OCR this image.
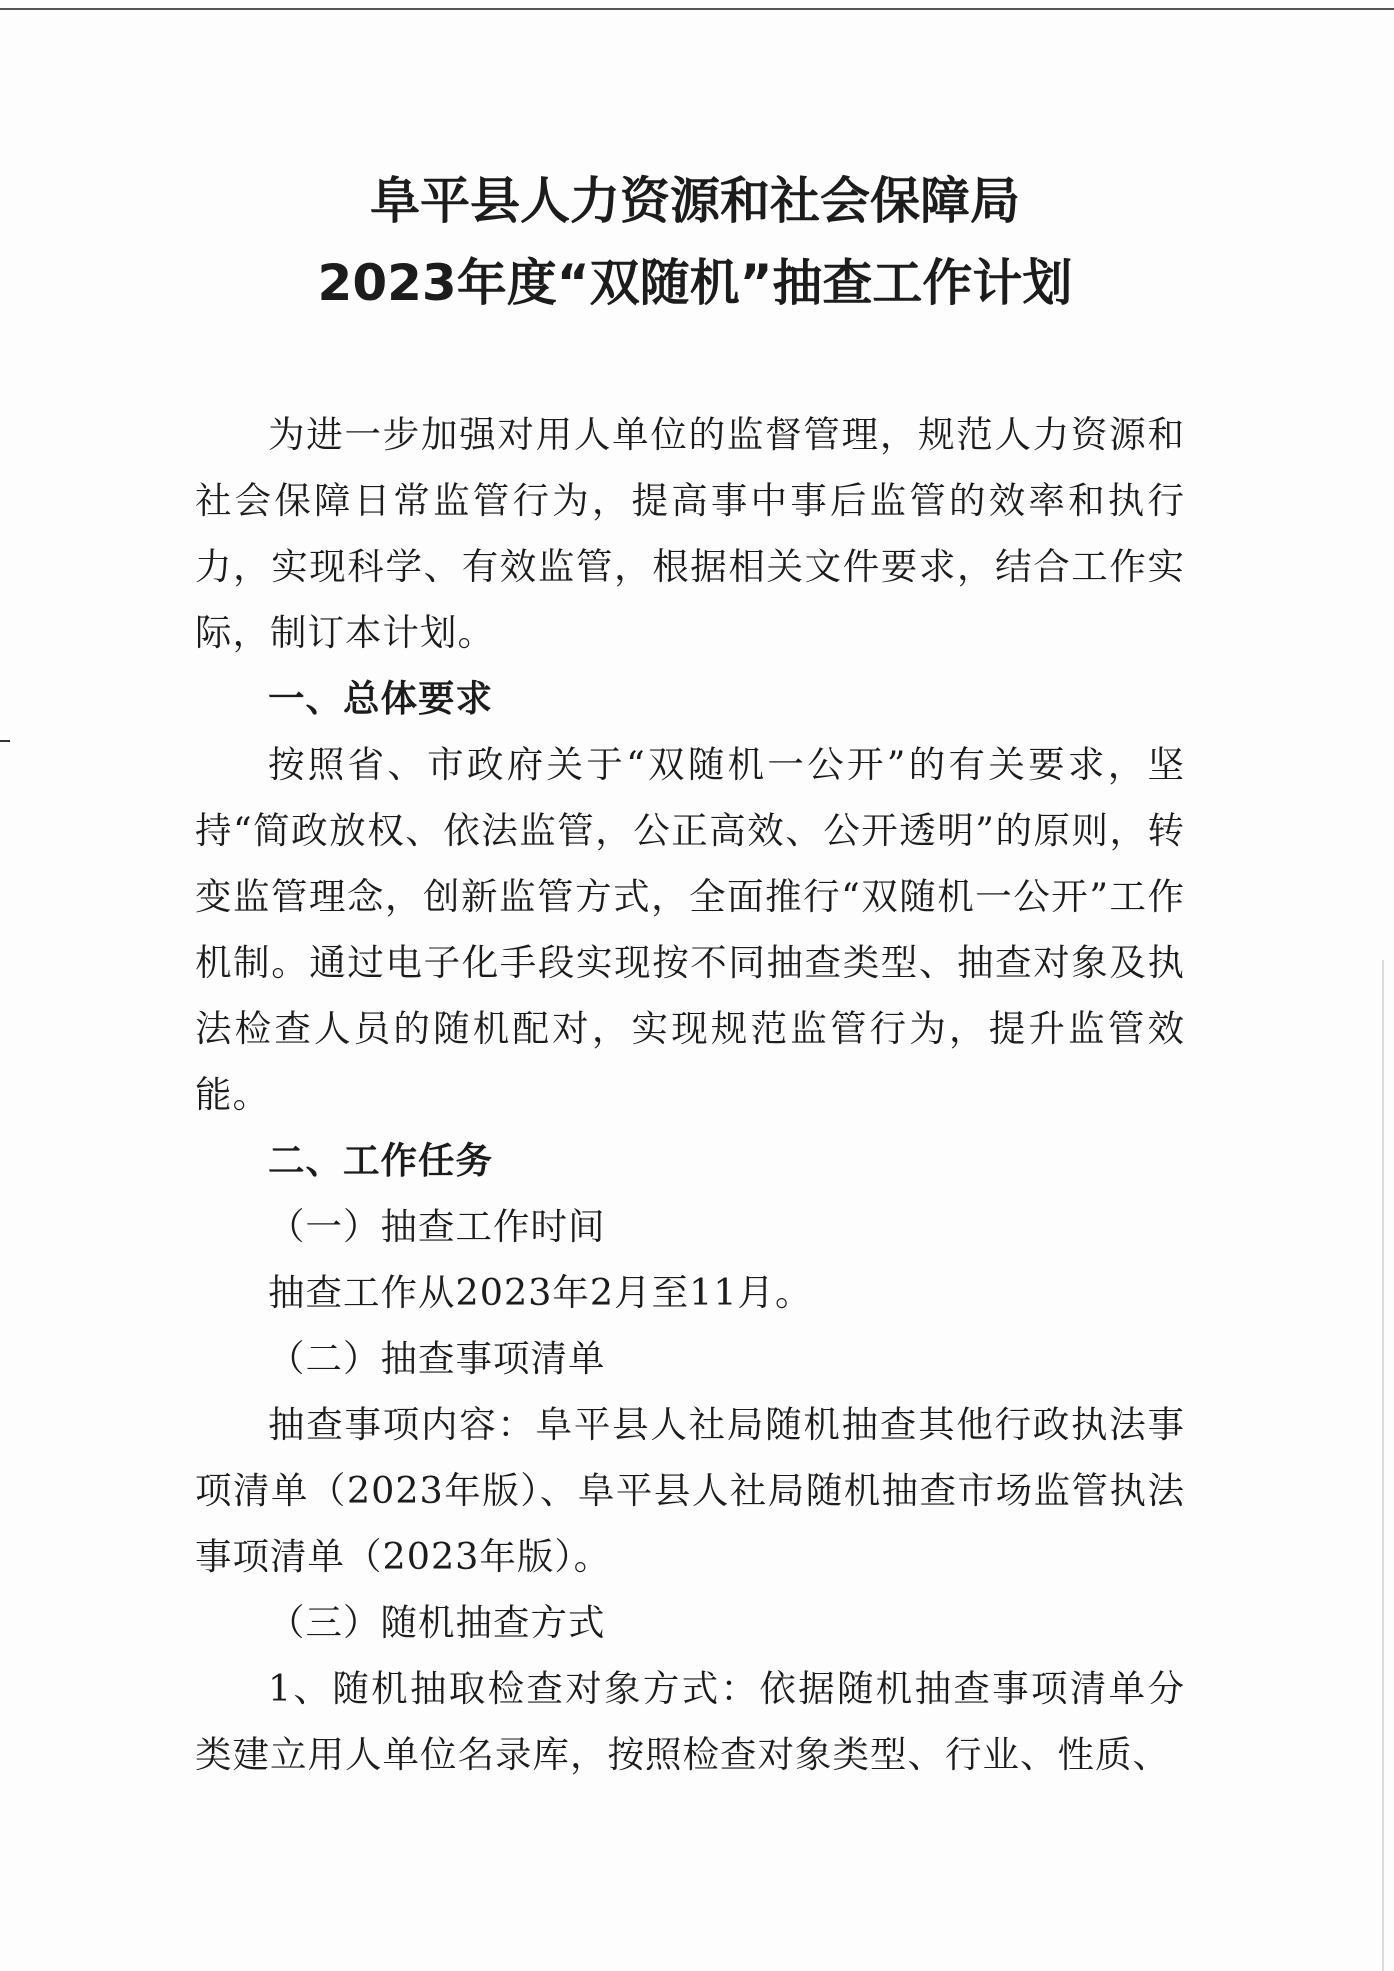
阜平县人力资源和社会保障局
2023年度“双随机”抽查工作计划

为进一步加强对用人单位的监督管理，规范人力资源和社会保障日常监管行为，提高事中事后监管的效率和执行力，实现科学、有效监管，根据相关文件要求，结合工作实际，制订本计划。

一、总体要求

按照省、市政府关于“双随机一公开”的有关要求，坚持“简政放权、依法监管，公正高效、公开透明”的原则，转变监管理念，创新监管方式，全面推行“双随机一公开”工作机制。通过电子化手段实现按不同抽查类型、抽查对象及执法检查人员的随机配对，实现规范监管行为，提升监管效能。

二、工作任务

（一）抽查工作时间

抽查工作从2023年2月至11月。

（二）抽查事项清单

抽查事项内容：阜平县人社局随机抽查其他行政执法事项清单（2023年版）、阜平县人社局随机抽查市场监管执法事项清单（2023年版）。

（三）随机抽查方式

1、随机抽取检查对象方式：依据随机抽查事项清单分类建立用人单位名录库，按照检查对象类型、行业、性质、
